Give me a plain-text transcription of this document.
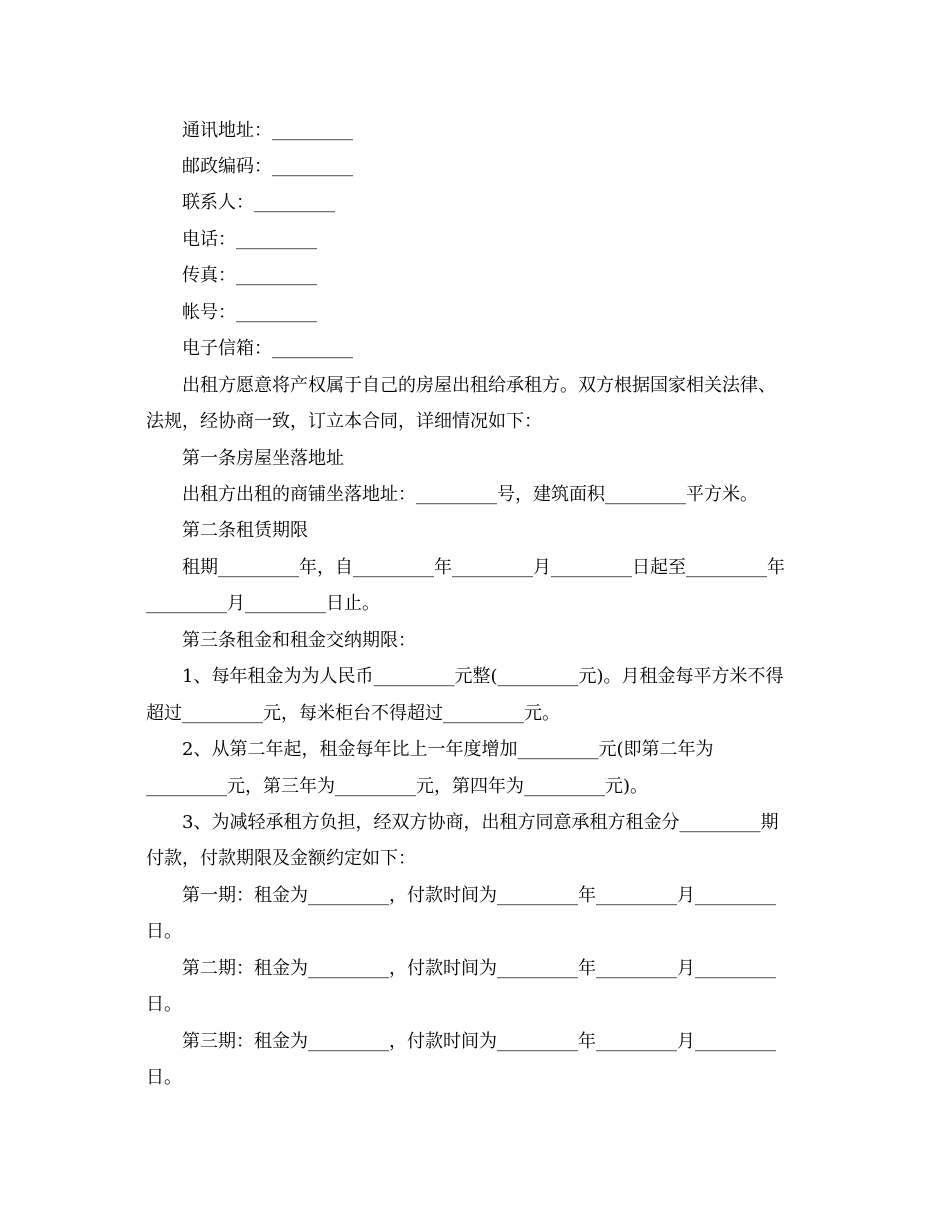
通讯地址：_________
邮政编码：_________
联系人：_________
电话：_________
传真：_________
帐号：_________
电子信箱：_________
出租方愿意将产权属于自己的房屋出租给承租方。双方根据国家相关法律、
法规，经协商一致，订立本合同，详细情况如下：
第一条房屋坐落地址
出租方出租的商铺坐落地址：_________号，建筑面积_________平方米。
第二条租赁期限
租期_________年，自_________年_________月_________日起至_________年
_________月_________日止。
第三条租金和租金交纳期限：
1、每年租金为为人民币_________元整(_________元)。月租金每平方米不得
超过_________元，每米柜台不得超过_________元。
2、从第二年起，租金每年比上一年度增加_________元(即第二年为
_________元，第三年为_________元，第四年为_________元)。
3、为减轻承租方负担，经双方协商，出租方同意承租方租金分_________期
付款，付款期限及金额约定如下：
第一期：租金为_________，付款时间为_________年_________月_________
日。
第二期：租金为_________，付款时间为_________年_________月_________
日。
第三期：租金为_________，付款时间为_________年_________月_________
日。
